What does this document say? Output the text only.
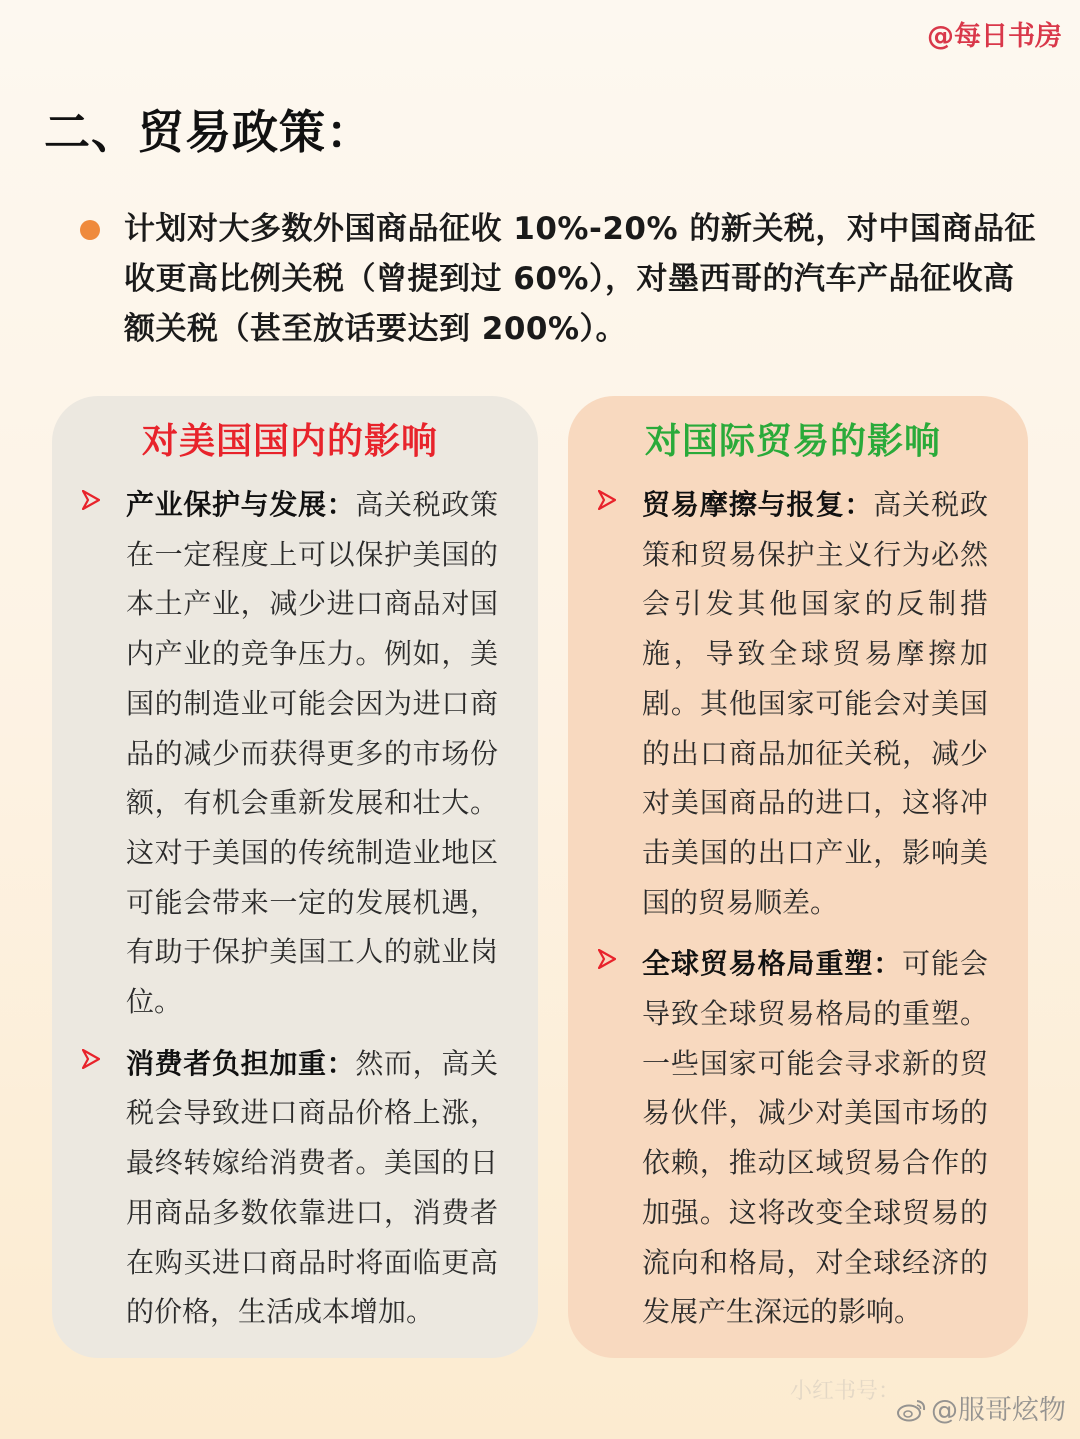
@每日书房
二、贸易政策：
计划对大多数外国商品征收 10%-20% 的新关税，对中国商品征收更高比例关税（曾提到过 60%），对墨西哥的汽车产品征收高额关税（甚至放话要达到 200%）。
对美国国内的影响
产业保护与发展：高关税政策在一定程度上可以保护美国的本土产业，减少进口商品对国内产业的竞争压力。例如，美国的制造业可能会因为进口商品的减少而获得更多的市场份额，有机会重新发展和壮大。这对于美国的传统制造业地区可能会带来一定的发展机遇，有助于保护美国工人的就业岗位。
消费者负担加重：然而，高关税会导致进口商品价格上涨，最终转嫁给消费者。美国的日用商品多数依靠进口，消费者在购买进口商品时将面临更高的价格，生活成本增加。
对国际贸易的影响
贸易摩擦与报复：高关税政策和贸易保护主义行为必然会引发其他国家的反制措施，导致全球贸易摩擦加剧。其他国家可能会对美国的出口商品加征关税，减少对美国商品的进口，这将冲击美国的出口产业，影响美国的贸易顺差。
全球贸易格局重塑：可能会导致全球贸易格局的重塑。一些国家可能会寻求新的贸易伙伴，减少对美国市场的依赖，推动区域贸易合作的加强。这将改变全球贸易的流向和格局，对全球经济的发展产生深远的影响。
小红书号：
@服哥炫物
